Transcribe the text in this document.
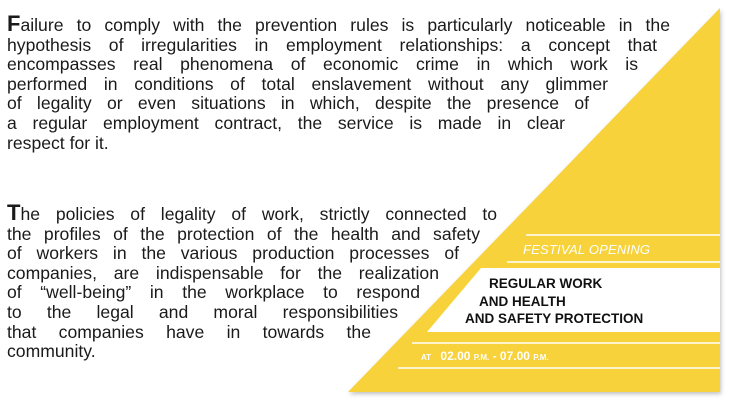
Failure to comply with the prevention rules is particularly noticeable in the
hypothesis of irregularities in employment relationships: a concept that
encompasses real phenomena of economic crime in which work is
performed in conditions of total enslavement without any glimmer
of legality or even situations in which, despite the presence of
a regular employment contract, the service is made in clear
respect for it.

The policies of legality of work, strictly connected to
the profiles of the protection of the health and safety
of workers in the various production processes of
companies, are indispensable for the realization
of “well-being” in the workplace to respond
to the legal and moral responsibilities
that companies have in towards the
community.

FESTIVAL OPENING
REGULAR WORK
AND HEALTH
AND SAFETY PROTECTION
AT 02.00 P.M. - 07.00 P.M.
